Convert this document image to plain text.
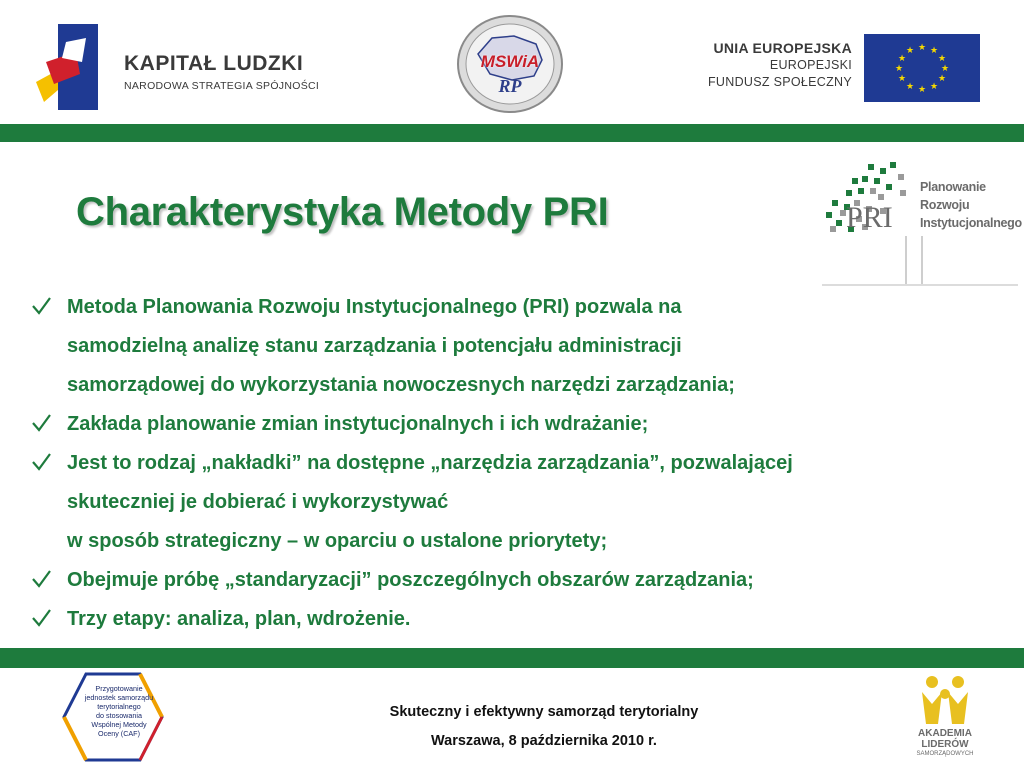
KAPITAŁ LUDZKI
NARODOWA STRATEGIA SPÓJNOŚCI
MSWiA
RP
UNIA EUROPEJSKA
EUROPEJSKI
FUNDUSZ SPOŁECZNY
★ ★
★
★
★
★
★
★
★
★
★
★
Charakterystyka Metody PRI	PRI
Planowanie
Rozwoju
Instytucjonalnego
Metoda Planowania Rozwoju Instytucjonalnego (PRI) pozwala na
samodzielną analizę stanu zarządzania i potencjału administracji
samorządowej do wykorzystania nowoczesnych narzędzi zarządzania;
Zakłada planowanie zmian instytucjonalnych i ich wdrażanie;
Jest to rodzaj „nakładki” na dostępne „narzędzia zarządzania”, pozwalającej
skuteczniej je dobierać i wykorzystywać
w sposób strategiczny – w oparciu o ustalone priorytety;
Obejmuje próbę „standaryzacji” poszczególnych obszarów zarządzania;
Trzy etapy: analiza, plan, wdrożenie.
Przygotowanie
jednostek samorządu
terytorialnego
do stosowania
Wspólnej Metody
Oceny (CAF)
Skuteczny i efektywny samorząd terytorialny
Warszawa, 8 października 2010 r.	AKADEMIA
LIDERÓW
SAMORZĄDOWYCH
